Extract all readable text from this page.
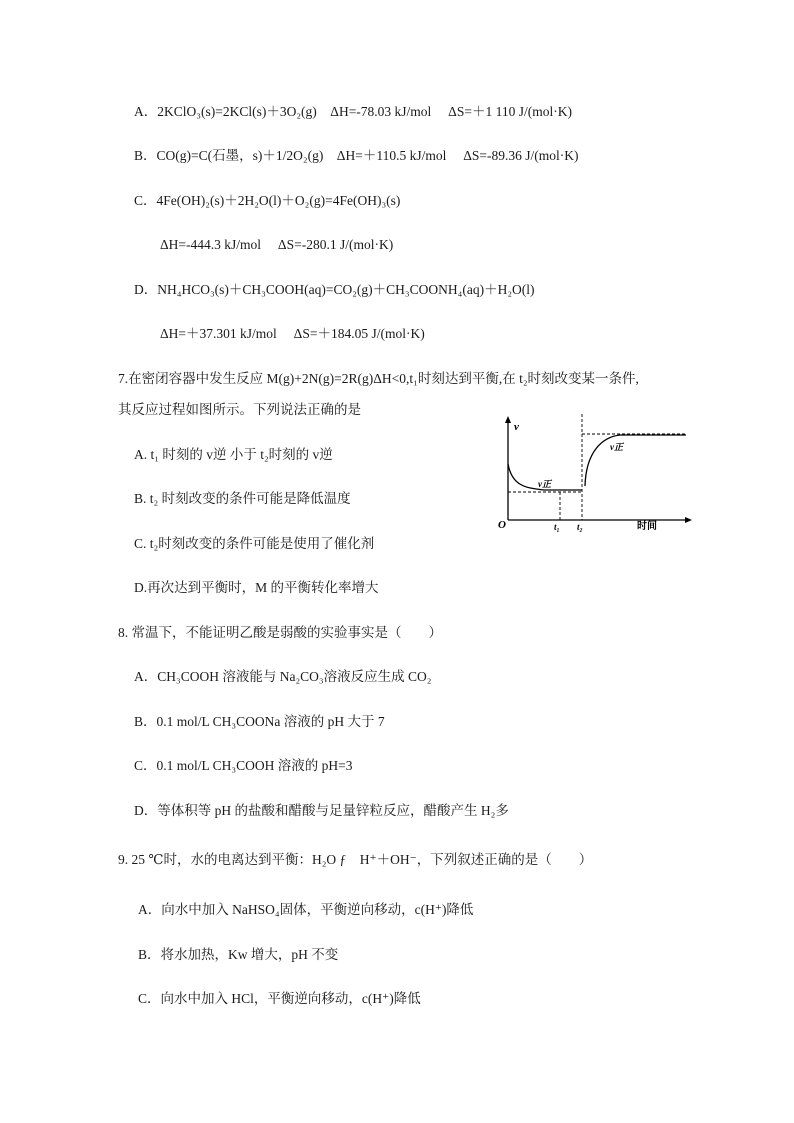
A．2KClO₃(s)=2KCl(s)＋3O₂(g)　ΔH=-78.03 kJ/mol　 ΔS=＋1 110 J/(mol·K)
B．CO(g)=C(石墨，s)＋1/2O₂(g)　ΔH=＋110.5 kJ/mol　 ΔS=-89.36 J/(mol·K)
C．4Fe(OH)₂(s)＋2H₂O(l)＋O₂(g)=4Fe(OH)₃(s)
ΔH=-444.3 kJ/mol　 ΔS=-280.1 J/(mol·K)
D．NH₄HCO₃(s)＋CH₃COOH(aq)=CO₂(g)＋CH₃COONH₄(aq)＋H₂O(l)
ΔH=＋37.301 kJ/mol　 ΔS=＋184.05 J/(mol·K)
7.在密闭容器中发生反应 M(g)+2N(g)=2R(g)ΔH<0,t₁时刻达到平衡,在 t₂时刻改变某一条件,
其反应过程如图所示。下列说法正确的是
A. t₁ 时刻的 v逆 小于 t₂时刻的 v逆
B. t₂ 时刻改变的条件可能是降低温度
C. t₂时刻改变的条件可能是使用了催化剂
D.再次达到平衡时，M 的平衡转化率增大
v
O	t₁ t₂	时间
v正
v正
8. 常温下，不能证明乙酸是弱酸的实验事实是（　　）
A．CH₃COOH 溶液能与 Na₂CO₃溶液反应生成 CO₂
B．0.1 mol/L CH₃COONa 溶液的 pH 大于 7
C．0.1 mol/L CH₃COOH 溶液的 pH=3
D．等体积等 pH 的盐酸和醋酸与足量锌粒反应，醋酸产生 H₂多
9. 25 ℃时，水的电离达到平衡：H₂O ƒ　H⁺＋OH⁻，下列叙述正确的是（　　）
A．向水中加入 NaHSO₄固体，平衡逆向移动，c(H⁺)降低
B．将水加热，Kw 增大，pH 不变
C．向水中加入 HCl，平衡逆向移动，c(H⁺)降低
